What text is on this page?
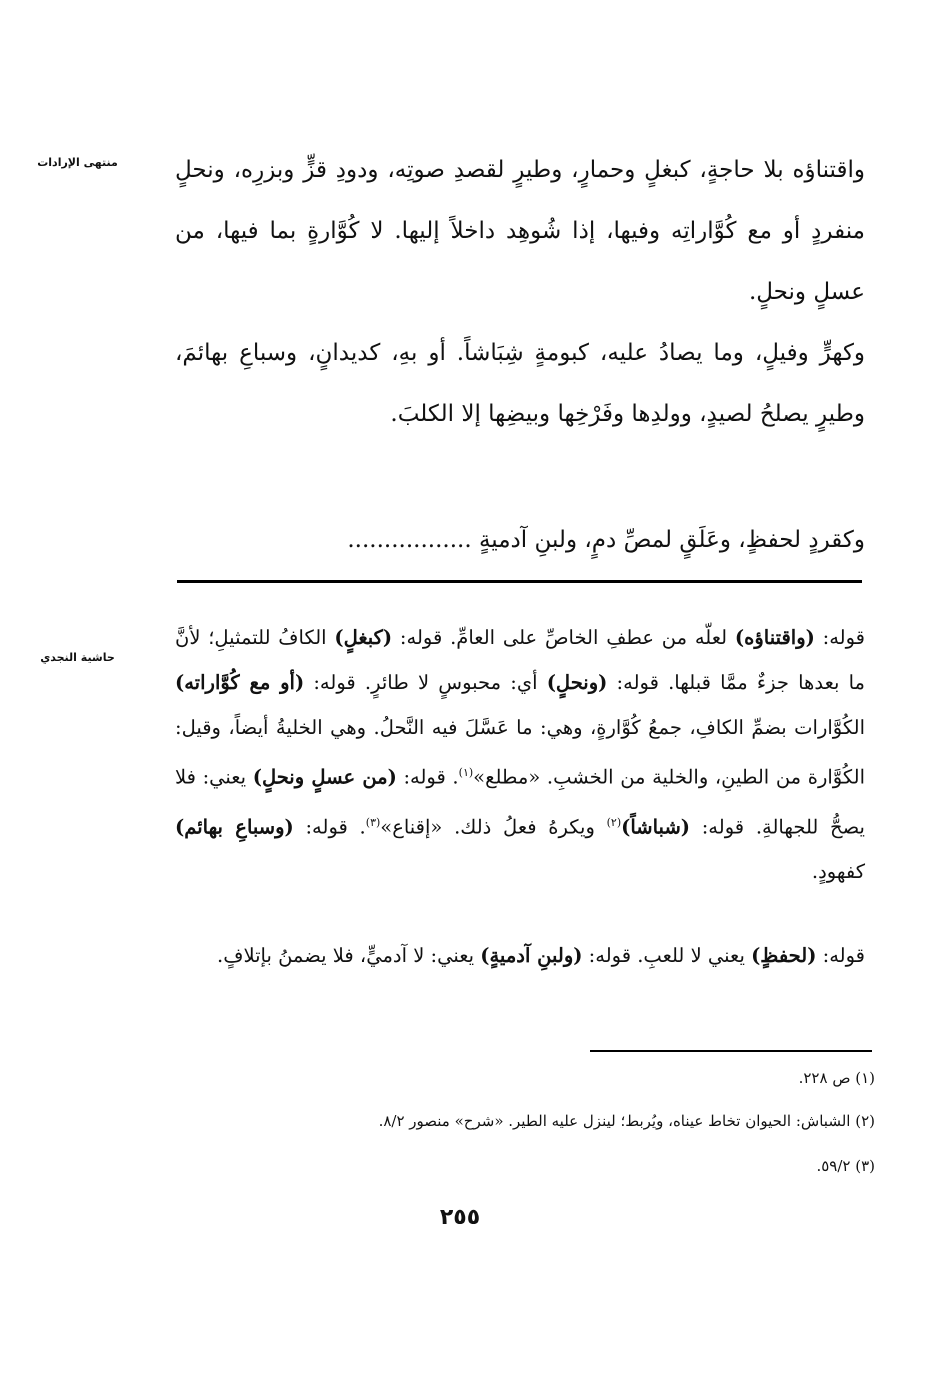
منتهى الإرادات
حاشية النجدي
واقتناؤه بلا حاجةٍ، كبغلٍ وحمارٍ، وطيرٍ لقصدِ صوتِه، ودودِ قزٍّ وبزرِه، ونحلٍ منفردٍ أو مع كُوَّاراتِه وفيها، إذا شُوهِد داخلاً إليها. لا كُوَّارةٍ بما فيها، من عسلٍ ونحلٍ.
وكهرٍّ وفيلٍ، وما يصادُ عليه، كبومةٍ شِبَاشاً. أو بهِ، كديدانٍ، وسباعِ بهائمَ، وطيرٍ يصلحُ لصيدٍ، وولدِها وفَرْخِها وبيضِها إلا الكلبَ.
وكقردٍ لحفظٍ، وعَلَقٍ لمصِّ دمٍ، ولبنِ آدميةٍ .................
قوله: (واقتناؤه) لعلّه من عطفِ الخاصِّ على العامِّ. قوله: (كبغلٍ) الكافُ للتمثيلِ؛ لأنَّ ما بعدها جزءٌ ممَّا قبلها. قوله: (ونحلٍ) أي: محبوسٍ لا طائرٍ. قوله: (أو مع كُوَّاراته) الكُوَّارات بضمِّ الكافِ، جمعُ كُوَّارةٍ، وهي: ما عَسَّلَ فيه النَّحلُ. وهي الخليةُ أيضاً، وقيل: الكُوَّارة من الطينِ، والخلية من الخشبِ. «مطلع»$^{(١)}$. قوله: (من عسلٍ ونحلٍ) يعني: فلا يصحُّ للجهالةِ. قوله: (شباشاً)$^{(٢)}$ ويكرهُ فعلُ ذلك. «إقناع»$^{(٣)}$. قوله: (وسباعِ بهائم) كفهودٍ.
قوله: (لحفظٍ) يعني لا للعبِ. قوله: (ولبنِ آدميةٍ) يعني: لا آدميٍّ، فلا يضمنُ بإتلافٍ.
(١) ص ٢٢٨.
(٢) الشباش: الحيوان تخاط عيناه، ويُربط؛ لينزل عليه الطير. «شرح» منصور ٨/٢.
(٣) ٥٩/٢.
٢٥٥
